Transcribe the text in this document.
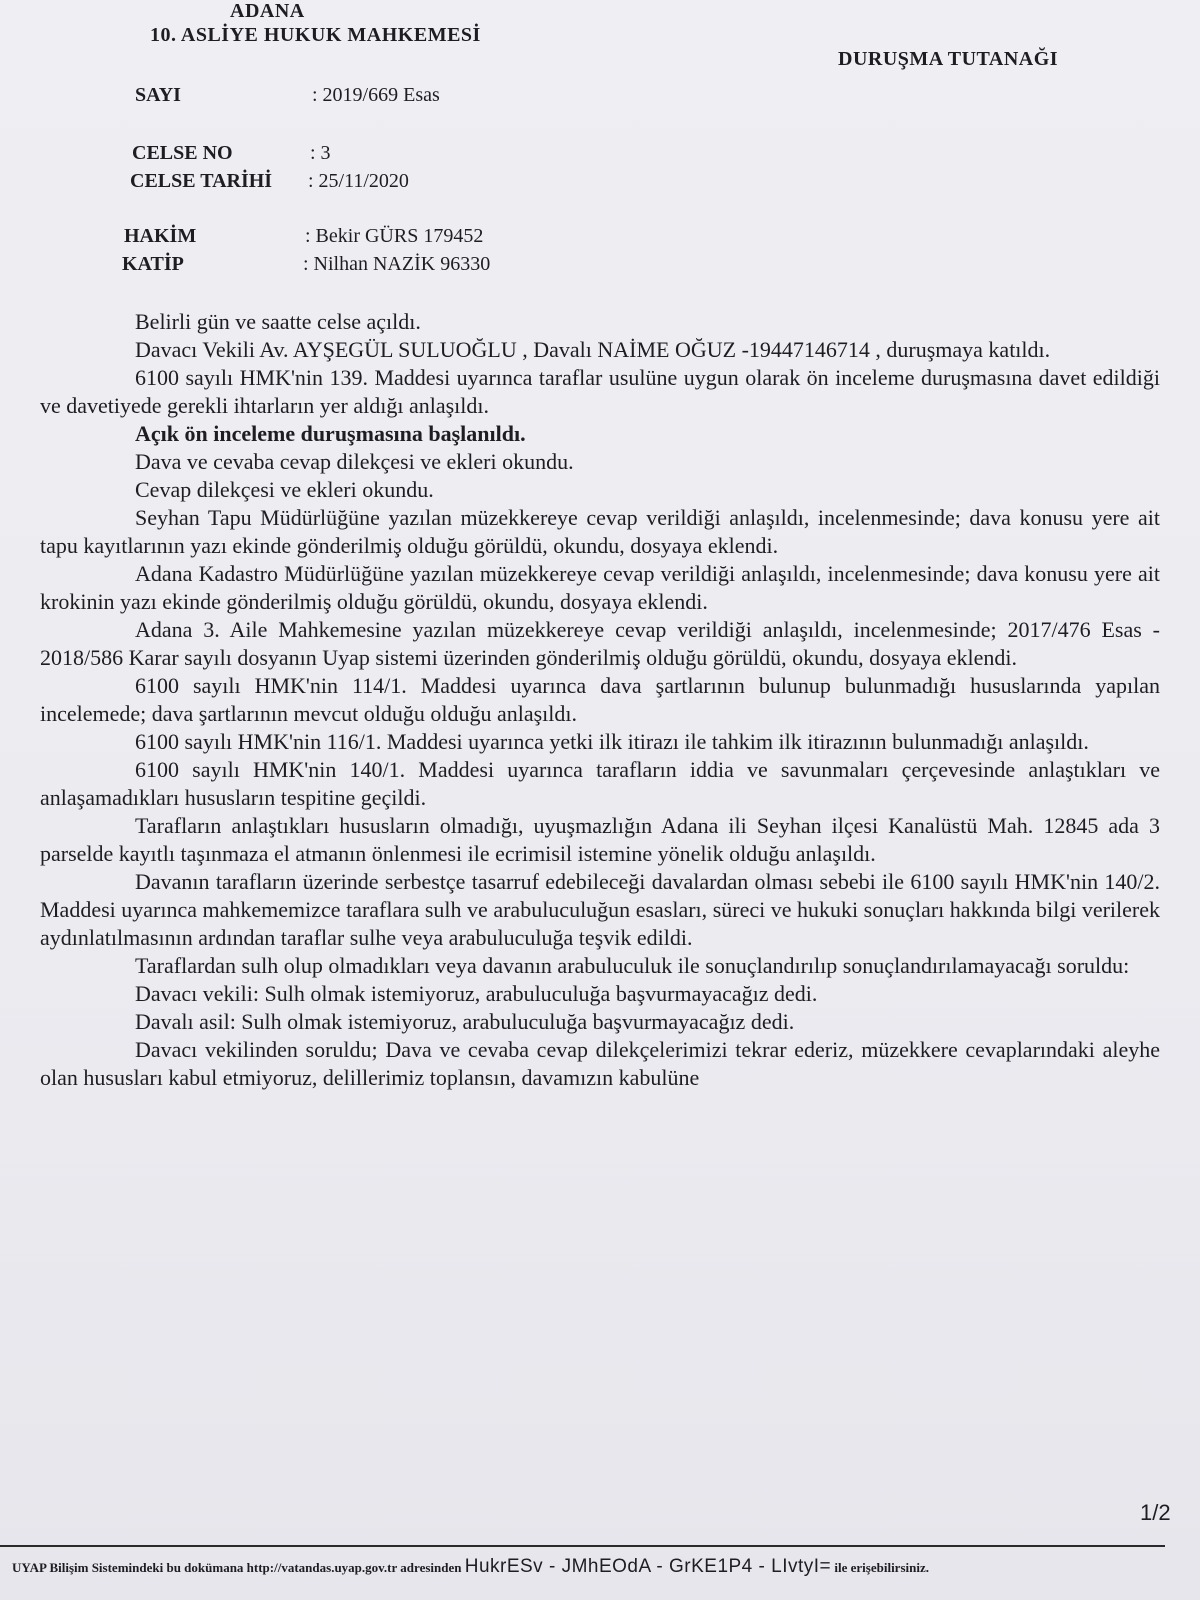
ADANA
10. ASLİYE HUKUK MAHKEMESİ
DURUŞMA TUTANAĞI
SAYI	: 2019/669 Esas
CELSE NO	: 3
CELSE TARİHİ : 25/11/2020
HAKİM	: Bekir GÜRS 179452
KATİP	: Nilhan NAZİK 96330

Belirli gün ve saatte celse açıldı.

Davacı Vekili Av. AYŞEGÜL SULUOĞLU , Davalı NAİME OĞUZ -19447146714 , duruşmaya katıldı.

6100 sayılı HMK'nin 139. Maddesi uyarınca taraflar usulüne uygun olarak ön inceleme duruşmasına davet edildiği ve davetiyede gerekli ihtarların yer aldığı anlaşıldı.

Açık ön inceleme duruşmasına başlanıldı.

Dava ve cevaba cevap dilekçesi ve ekleri okundu.

Cevap dilekçesi ve ekleri okundu.

Seyhan Tapu Müdürlüğüne yazılan müzekkereye cevap verildiği anlaşıldı, incelenmesinde; dava konusu yere ait tapu kayıtlarının yazı ekinde gönderilmiş olduğu görüldü, okundu, dosyaya eklendi.

Adana Kadastro Müdürlüğüne yazılan müzekkereye cevap verildiği anlaşıldı, incelenmesinde; dava konusu yere ait krokinin yazı ekinde gönderilmiş olduğu görüldü, okundu, dosyaya eklendi.

Adana 3. Aile Mahkemesine yazılan müzekkereye cevap verildiği anlaşıldı, incelenmesinde; 2017/476 Esas - 2018/586 Karar sayılı dosyanın Uyap sistemi üzerinden gönderilmiş olduğu görüldü, okundu, dosyaya eklendi.

6100 sayılı HMK'nin 114/1. Maddesi uyarınca dava şartlarının bulunup bulunmadığı hususlarında yapılan incelemede; dava şartlarının mevcut olduğu olduğu anlaşıldı.

6100 sayılı HMK'nin 116/1. Maddesi uyarınca yetki ilk itirazı ile tahkim ilk itirazının bulunmadığı anlaşıldı.

6100 sayılı HMK'nin 140/1. Maddesi uyarınca tarafların iddia ve savunmaları çerçevesinde anlaştıkları ve anlaşamadıkları hususların tespitine geçildi.

Tarafların anlaştıkları hususların olmadığı, uyuşmazlığın Adana ili Seyhan ilçesi Kanalüstü Mah. 12845 ada 3 parselde kayıtlı taşınmaza el atmanın önlenmesi ile ecrimisil istemine yönelik olduğu anlaşıldı.

Davanın tarafların üzerinde serbestçe tasarruf edebileceği davalardan olması sebebi ile 6100 sayılı HMK'nin 140/2. Maddesi uyarınca mahkememizce taraflara sulh ve arabuluculuğun esasları, süreci ve hukuki sonuçları hakkında bilgi verilerek aydınlatılmasının ardından taraflar sulhe veya arabuluculuğa teşvik edildi.

Taraflardan sulh olup olmadıkları veya davanın arabuluculuk ile sonuçlandırılıp sonuçlandırılamayacağı soruldu:

Davacı vekili: Sulh olmak istemiyoruz, arabuluculuğa başvurmayacağız dedi.

Davalı asil: Sulh olmak istemiyoruz, arabuluculuğa başvurmayacağız dedi.

Davacı vekilinden soruldu; Dava ve cevaba cevap dilekçelerimizi tekrar ederiz, müzekkere cevaplarındaki aleyhe olan hususları kabul etmiyoruz, delillerimiz toplansın, davamızın kabulüne

1/2
UYAP Bilişim Sistemindeki bu dokümana http://vatandas.uyap.gov.tr adresinden HukrESv - JMhEOdA - GrKE1P4 - LIvtyI= ile erişebilirsiniz.
